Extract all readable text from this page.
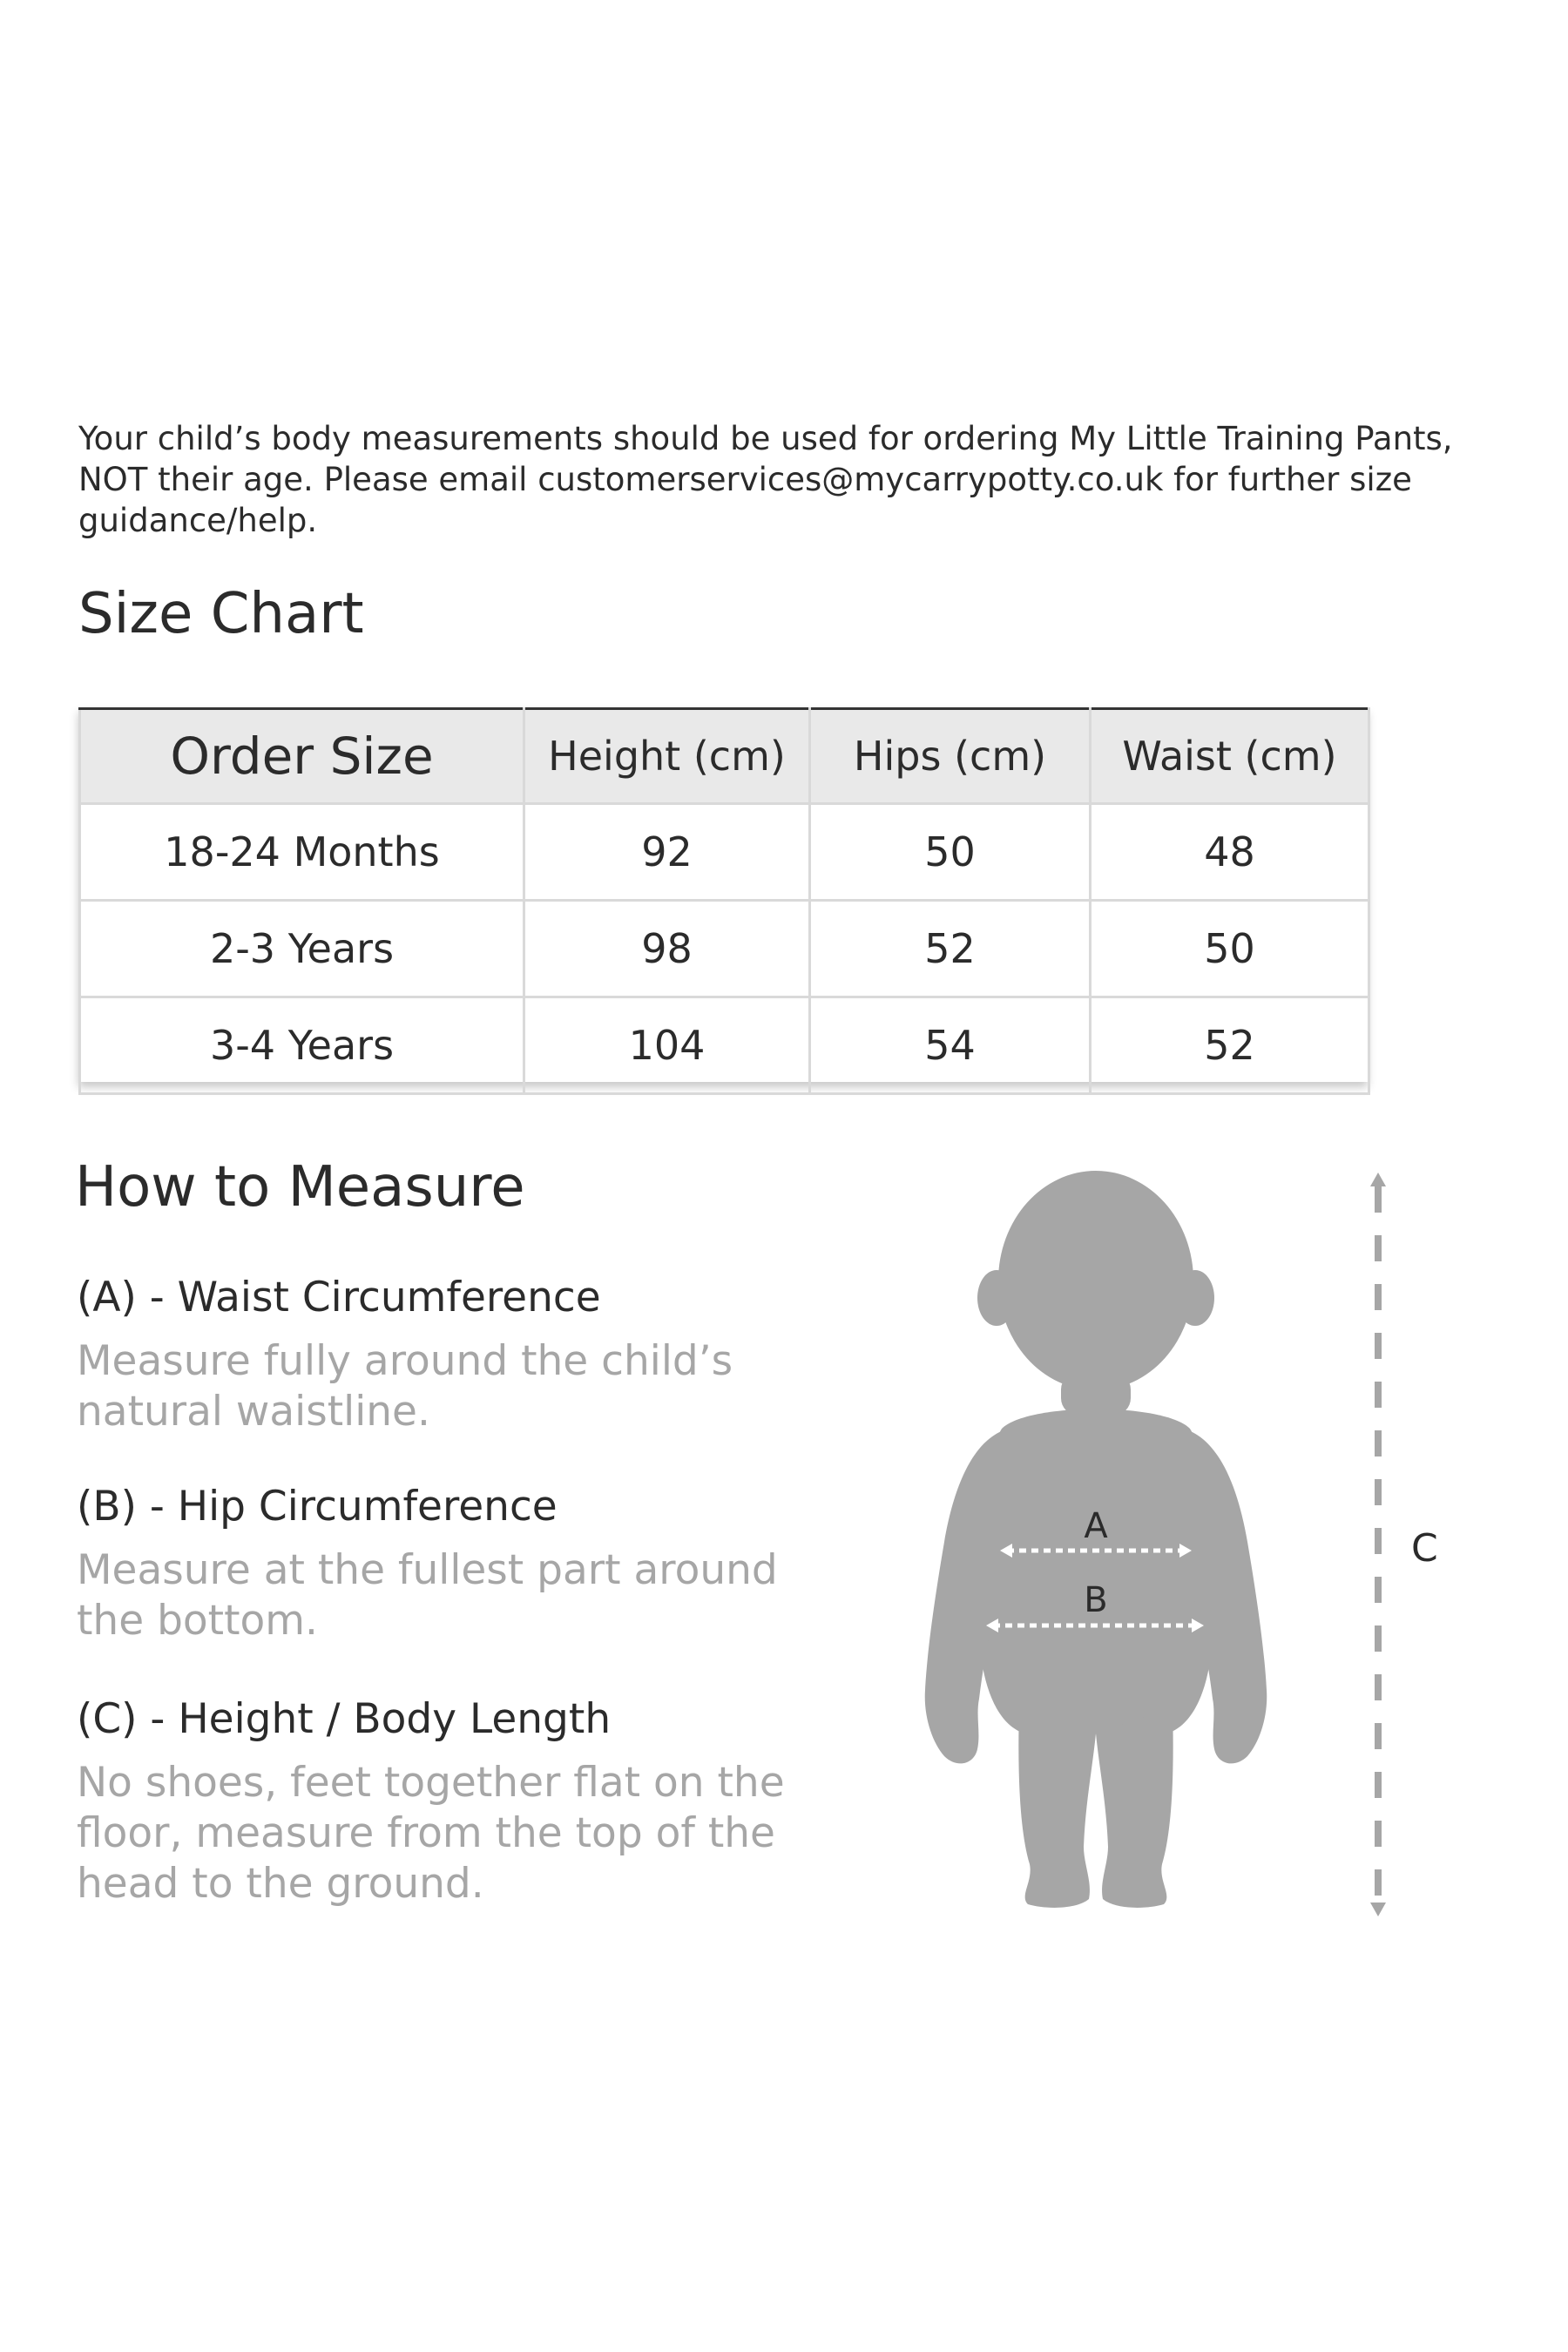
Your child’s body measurements should be used for ordering My Little Training Pants, NOT their age. Please email customerservices@mycarrypotty.co.uk for further size guidance/help.
Size Chart
Order Size	Height (cm)	Hips (cm)	Waist (cm)
18-24 Months	92	50	48
2-3 Years	98	52	50
3-4 Years	104	54	52
How to Measure
(A) - Waist Circumference
Measure fully around the child’s natural waistline.
(B) - Hip Circumference
Measure at the fullest part around the bottom.
(C) - Height / Body Length
No shoes, feet together flat on the floor, measure from the top of the head to the ground.
A
B
C
